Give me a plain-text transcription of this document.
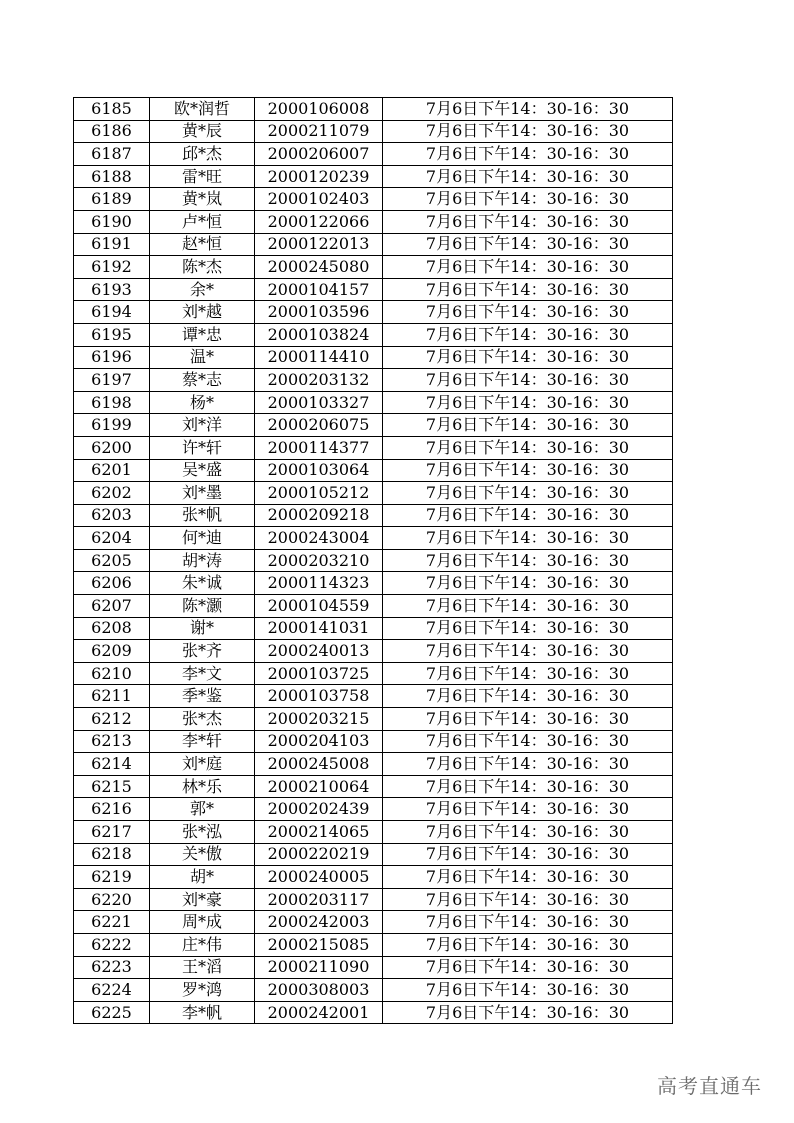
6185	欧*润哲	2000106008	7月6日下午14：30-16：30
6186	黄*辰	2000211079	7月6日下午14：30-16：30
6187	邱*杰	2000206007	7月6日下午14：30-16：30
6188	雷*旺	2000120239	7月6日下午14：30-16：30
6189	黄*岚	2000102403	7月6日下午14：30-16：30
6190	卢*恒	2000122066	7月6日下午14：30-16：30
6191	赵*恒	2000122013	7月6日下午14：30-16：30
6192	陈*杰	2000245080	7月6日下午14：30-16：30
6193	余*	2000104157	7月6日下午14：30-16：30
6194	刘*越	2000103596	7月6日下午14：30-16：30
6195	谭*忠	2000103824	7月6日下午14：30-16：30
6196	温*	2000114410	7月6日下午14：30-16：30
6197	蔡*志	2000203132	7月6日下午14：30-16：30
6198	杨*	2000103327	7月6日下午14：30-16：30
6199	刘*洋	2000206075	7月6日下午14：30-16：30
6200	许*轩	2000114377	7月6日下午14：30-16：30
6201	吴*盛	2000103064	7月6日下午14：30-16：30
6202	刘*墨	2000105212	7月6日下午14：30-16：30
6203	张*帆	2000209218	7月6日下午14：30-16：30
6204	何*迪	2000243004	7月6日下午14：30-16：30
6205	胡*涛	2000203210	7月6日下午14：30-16：30
6206	朱*诚	2000114323	7月6日下午14：30-16：30
6207	陈*灏	2000104559	7月6日下午14：30-16：30
6208	谢*	2000141031	7月6日下午14：30-16：30
6209	张*齐	2000240013	7月6日下午14：30-16：30
6210	李*文	2000103725	7月6日下午14：30-16：30
6211	季*鉴	2000103758	7月6日下午14：30-16：30
6212	张*杰	2000203215	7月6日下午14：30-16：30
6213	李*轩	2000204103	7月6日下午14：30-16：30
6214	刘*庭	2000245008	7月6日下午14：30-16：30
6215	林*乐	2000210064	7月6日下午14：30-16：30
6216	郭*	2000202439	7月6日下午14：30-16：30
6217	张*泓	2000214065	7月6日下午14：30-16：30
6218	关*傲	2000220219	7月6日下午14：30-16：30
6219	胡*	2000240005	7月6日下午14：30-16：30
6220	刘*豪	2000203117	7月6日下午14：30-16：30
6221	周*成	2000242003	7月6日下午14：30-16：30
6222	庄*伟	2000215085	7月6日下午14：30-16：30
6223	王*滔	2000211090	7月6日下午14：30-16：30
6224	罗*鸿	2000308003	7月6日下午14：30-16：30
6225	李*帆	2000242001	7月6日下午14：30-16：30
高考直通车
